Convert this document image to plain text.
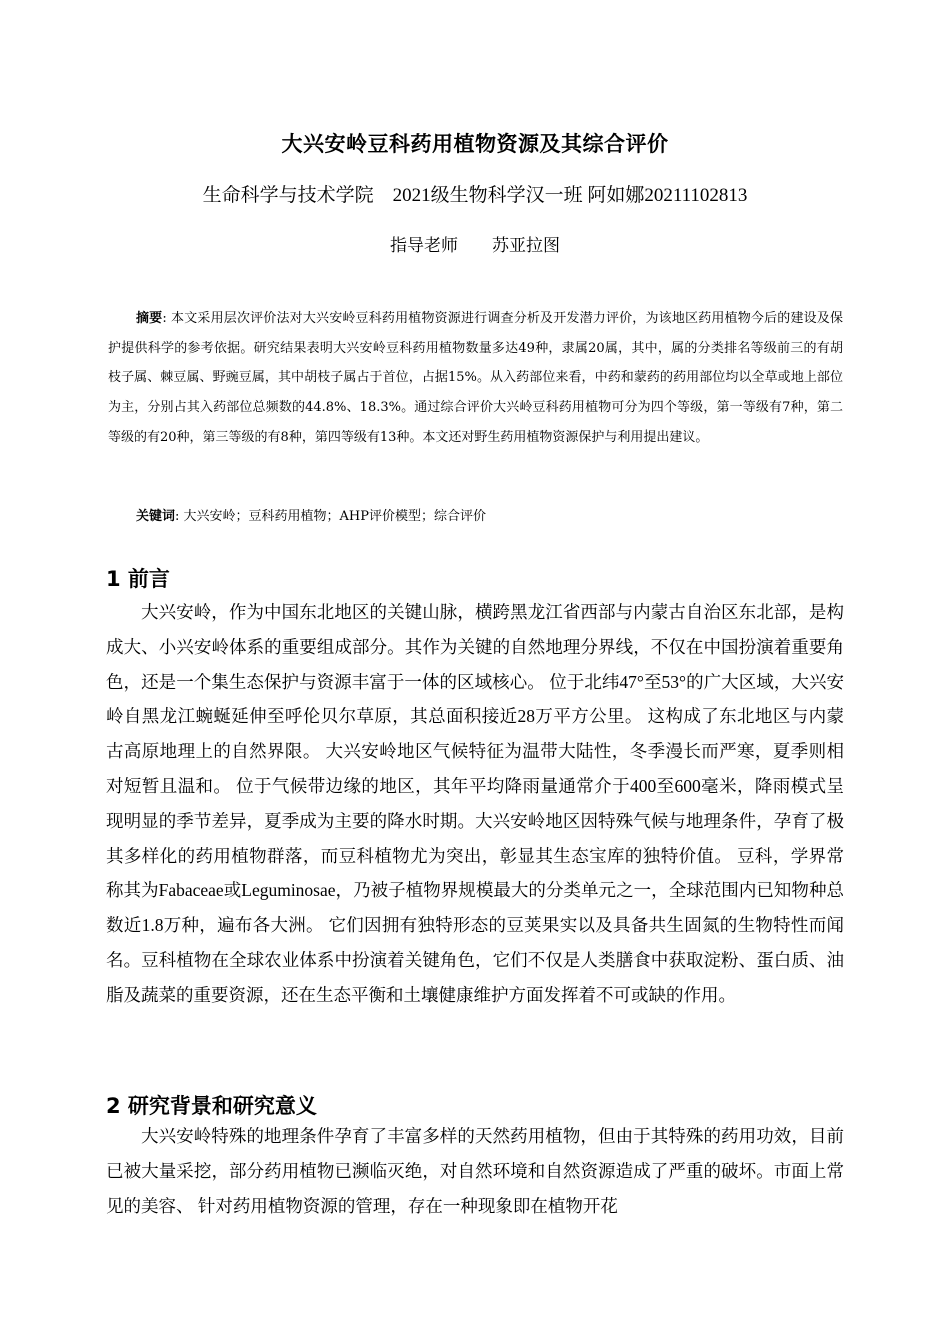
大兴安岭豆科药用植物资源及其综合评价
生命科学与技术学院　2021级生物科学汉一班 阿如娜20211102813
指导老师　　苏亚拉图

摘要: 本文采用层次评价法对大兴安岭豆科药用植物资源进行调查分析及开发潜力评价，为该地区药用植物今后的建设及保护提供科学的参考依据。研究结果表明大兴安岭豆科药用植物数量多达49种，隶属20属，其中，属的分类排名等级前三的有胡枝子属、棘豆属、野豌豆属，其中胡枝子属占于首位，占据15%。从入药部位来看，中药和蒙药的药用部位均以全草或地上部位为主，分别占其入药部位总频数的44.8%、18.3%。通过综合评价大兴岭豆科药用植物可分为四个等级，第一等级有7种，第二等级的有20种，第三等级的有8种，第四等级有13种。本文还对野生药用植物资源保护与利用提出建议。

关键词: 大兴安岭；豆科药用植物；AHP评价模型；综合评价
1 前言

大兴安岭，作为中国东北地区的关键山脉，横跨黑龙江省西部与内蒙古自治区东北部，是构成大、小兴安岭体系的重要组成部分。其作为关键的自然地理分界线，不仅在中国扮演着重要角色，还是一个集生态保护与资源丰富于一体的区域核心。 位于北纬47°至53°的广大区域，大兴安岭自黑龙江蜿蜒延伸至呼伦贝尔草原，其总面积接近28万平方公里。 这构成了东北地区与内蒙古高原地理上的自然界限。 大兴安岭地区气候特征为温带大陆性，冬季漫长而严寒，夏季则相对短暂且温和。 位于气候带边缘的地区，其年平均降雨量通常介于400至600毫米，降雨模式呈现明显的季节差异，夏季成为主要的降水时期。大兴安岭地区因特殊气候与地理条件，孕育了极其多样化的药用植物群落，而豆科植物尤为突出，彰显其生态宝库的独特价值。 豆科，学界常称其为Fabaceae或Leguminosae，乃被子植物界规模最大的分类单元之一，全球范围内已知物种总数近1.8万种，遍布各大洲。 它们因拥有独特形态的豆荚果实以及具备共生固氮的生物特性而闻名。豆科植物在全球农业体系中扮演着关键角色，它们不仅是人类膳食中获取淀粉、蛋白质、油脂及蔬菜的重要资源，还在生态平衡和土壤健康维护方面发挥着不可或缺的作用。

2 研究背景和研究意义

大兴安岭特殊的地理条件孕育了丰富多样的天然药用植物，但由于其特殊的药用功效，目前已被大量采挖，部分药用植物已濒临灭绝，对自然环境和自然资源造成了严重的破坏。市面上常见的美容、 针对药用植物资源的管理，存在一种现象即在植物开花
